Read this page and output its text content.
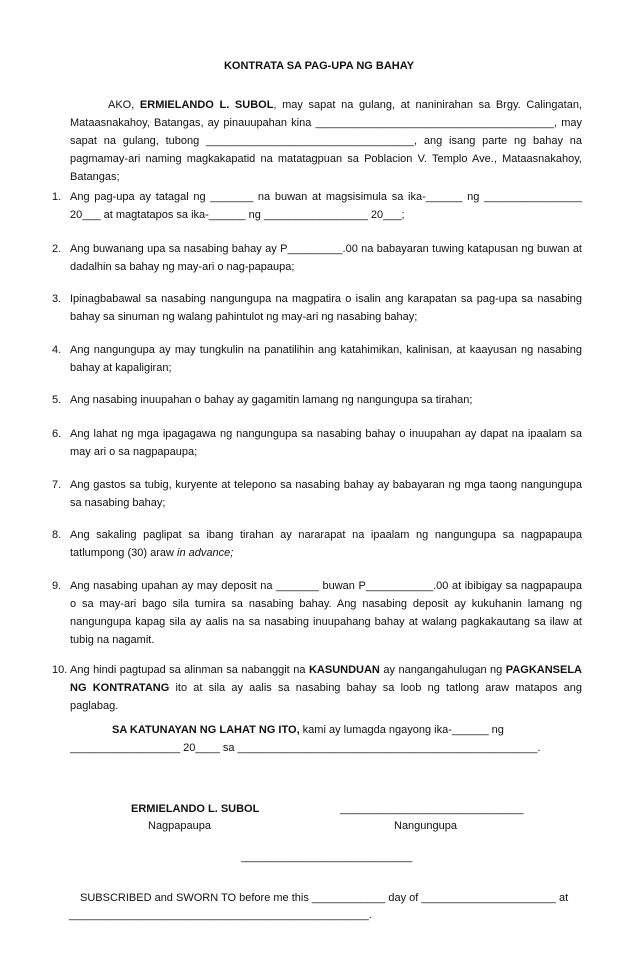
KONTRATA SA PAG-UPA NG BAHAY
AKO, ERMIELANDO L. SUBOL, may sapat na gulang, at naninirahan sa Brgy. Calingatan, Mataasnakahoy, Batangas, ay pinauupahan kina _______________________________________, may sapat na gulang, tubong __________________________________, ang isang parte ng bahay na pagmamay-ari naming magkakapatid na matatagpuan sa Poblacion V. Templo Ave., Mataasnakahoy, Batangas;
1. Ang pag-upa ay tatagal ng _______ na buwan at magsisimula sa ika-______ ng ________________ 20___ at magtatapos sa ika-______ ng _________________ 20___;
2. Ang buwanang upa sa nasabing bahay ay P_________.00 na babayaran tuwing katapusan ng buwan at dadalhin sa bahay ng may-ari o nag-papaupa;
3. Ipinagbabawal sa nasabing nangungupa na magpatira o isalin ang karapatan sa pag-upa sa nasabing bahay sa sinuman ng walang pahintulot ng may-ari ng nasabing bahay;
4. Ang nangungupa ay may tungkulin na panatilihin ang katahimikan, kalinisan, at kaayusan ng nasabing bahay at kapaligiran;
5. Ang nasabing inuupahan o bahay ay gagamitin lamang ng nangungupa sa tirahan;
6. Ang lahat ng mga ipagagawa ng nangungupa sa nasabing bahay o inuupahan ay dapat na ipaalam sa may ari o sa nagpapaupa;
7. Ang gastos sa tubig, kuryente at telepono sa nasabing bahay ay babayaran ng mga taong nangungupa sa nasabing bahay;
8. Ang sakaling paglipat sa ibang tirahan ay nararapat na ipaalam ng nangungupa sa nagpapaupa tatlumpong (30) araw in advance;
9. Ang nasabing upahan ay may deposit na _______ buwan P___________.00 at ibibigay sa nagpapaupa o sa may-ari bago sila tumira sa nasabing bahay. Ang nasabing deposit ay kukuhanin lamang ng nangungupa kapag sila ay aalis na sa nasabing inuupahang bahay at walang pagkakautang sa ilaw at tubig na nagamit.
10. Ang hindi pagtupad sa alinman sa nabanggit na KASUNDUAN ay nangangahulugan ng PAGKANSELA NG KONTRATANG ito at sila ay aalis sa nasabing bahay sa loob ng tatlong araw matapos ang paglabag.
SA KATUNAYAN NG LAHAT NG ITO, kami ay lumagda ngayong ika-______ ng
__________________ 20____ sa _________________________________________________.
ERMIELANDO L. SUBOL
Nagpapaupa
______________________________
Nangungupa
____________________________
SUBSCRIBED and SWORN TO before me this ____________ day of ______________________ at
_________________________________________________.
